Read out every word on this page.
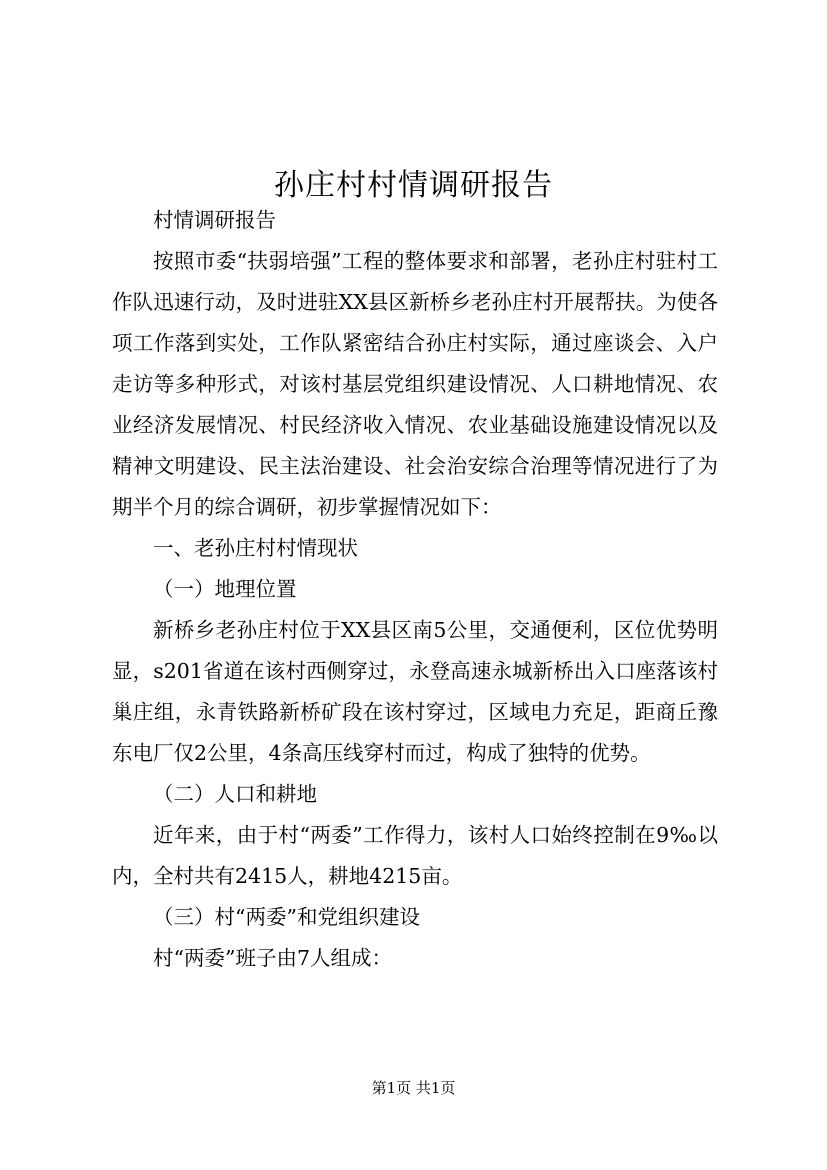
孙庄村村情调研报告

村情调研报告

按照市委“扶弱培强”工程的整体要求和部署，老孙庄村驻村工作队迅速行动，及时进驻XX县区新桥乡老孙庄村开展帮扶。为使各项工作落到实处，工作队紧密结合孙庄村实际，通过座谈会、入户走访等多种形式，对该村基层党组织建设情况、人口耕地情况、农业经济发展情况、村民经济收入情况、农业基础设施建设情况以及精神文明建设、民主法治建设、社会治安综合治理等情况进行了为期半个月的综合调研，初步掌握情况如下：

一、老孙庄村村情现状

（一）地理位置

新桥乡老孙庄村位于XX县区南5公里，交通便利，区位优势明显，s201省道在该村西侧穿过，永登高速永城新桥出入口座落该村巢庄组，永青铁路新桥矿段在该村穿过，区域电力充足，距商丘豫东电厂仅2公里，4条高压线穿村而过，构成了独特的优势。

（二）人口和耕地

近年来，由于村“两委”工作得力，该村人口始终控制在9‰以内，全村共有2415人，耕地4215亩。

（三）村“两委”和党组织建设

村“两委”班子由7人组成：

第1页 共1页
